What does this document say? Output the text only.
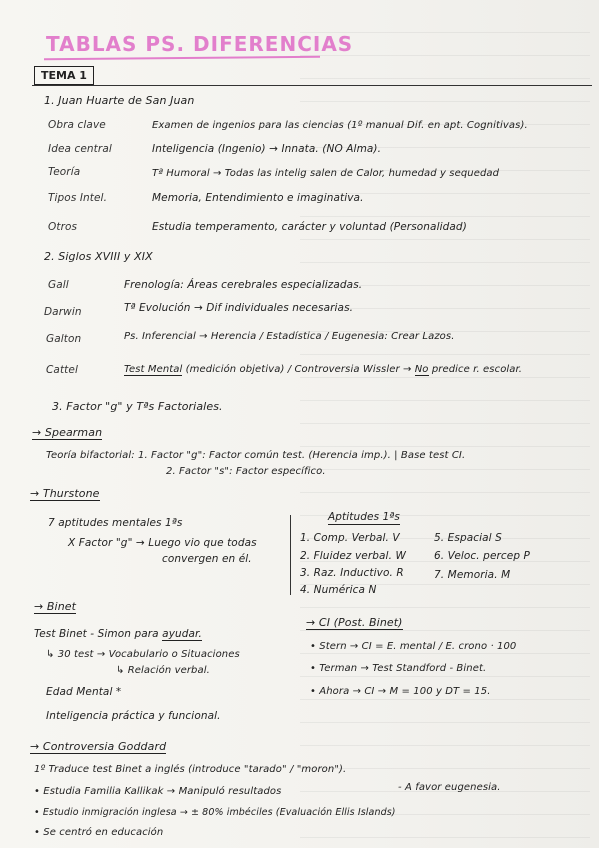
TABLAS PS. DIFERENCIAS
TEMA 1
1. Juan Huarte de San Juan
Obra clave	Examen de ingenios para las ciencias (1º manual Dif. en apt. Cognitivas).
Idea central	Inteligencia (Ingenio) → Innata. (NO Alma).
Teoría	Tª Humoral → Todas las intelig salen de Calor, humedad y sequedad
Tipos Intel.	Memoria, Entendimiento e imaginativa.
Otros	Estudia temperamento, carácter y voluntad (Personalidad)
2. Siglos XVIII y XIX
Gall	Frenología: Áreas cerebrales especializadas.
Darwin	Tª Evolución → Dif individuales necesarias.
Galton	Ps. Inferencial → Herencia / Estadística / Eugenesia: Crear Lazos.
Cattel	Test Mental (medición objetiva) / Controversia Wissler → No predice r. escolar.
3. Factor "g" y Tªs Factoriales.
→ Spearman
Teoría bifactorial: 1. Factor "g": Factor común test. (Herencia imp.). | Base test CI.
2. Factor "s": Factor específico.
→ Thurstone
7 aptitudes mentales 1ªs
X Factor "g" → Luego vio que todas
convergen en él.
Aptitudes 1ªs
1. Comp. Verbal. V
2. Fluidez verbal. W
3. Raz. Inductivo. R
4. Numérica N
5. Espacial S
6. Veloc. percep P
7. Memoria. M
→ Binet
Test Binet - Simon para ayudar.
↳ 30 test → Vocabulario o Situaciones
↳ Relación verbal.
Edad Mental *
Inteligencia práctica y funcional.
→ CI (Post. Binet)
• Stern → CI = E. mental / E. crono · 100
• Terman → Test Standford - Binet.
• Ahora → CI → M = 100 y DT = 15.
→ Controversia Goddard
1º Traduce test Binet a inglés (introduce "tarado" / "moron").
- A favor eugenesia.
• Estudia Familia Kallikak → Manipuló resultados
• Estudio inmigración inglesa → ± 80% imbéciles (Evaluación Ellis Islands)
• Se centró en educación
